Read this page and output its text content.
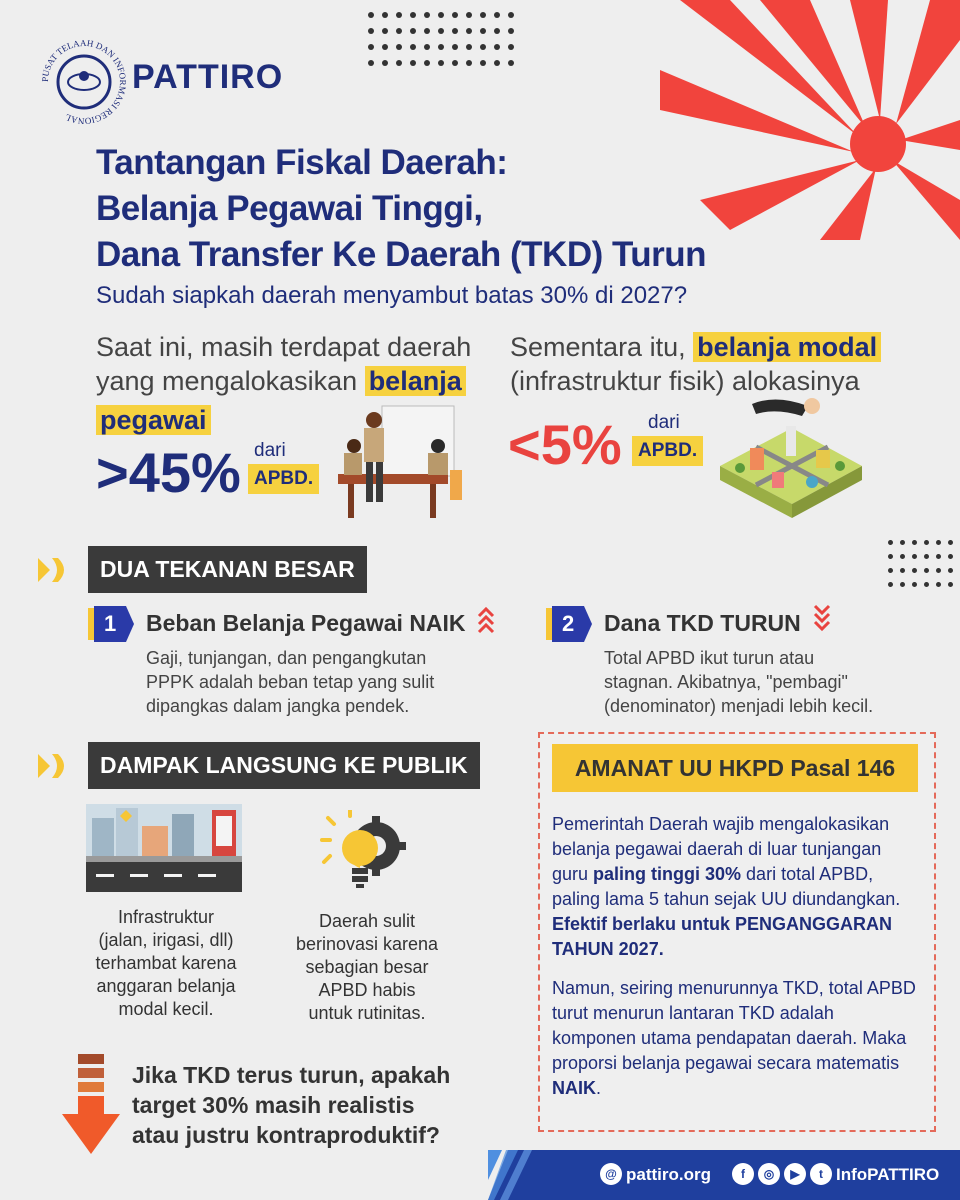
PUSAT TELAAH DAN INFORMASI REGIONAL
PATTIRO
Tantangan Fiskal Daerah:
Belanja Pegawai Tinggi,
Dana Transfer Ke Daerah (TKD) Turun
Sudah siapkah daerah menyambut batas 30% di 2027?
Saat ini, masih terdapat daerah yang mengalokasikan belanja
pegawai
>45% dari
APBD.
Sementara itu, belanja modal
(infrastruktur fisik) alokasinya
<5% dari
APBD.
DUA TEKANAN BESAR
1 Beban Belanja Pegawai NAIK
Gaji, tunjangan, dan pengangkutan
PPPK adalah beban tetap yang sulit
dipangkas dalam jangka pendek.
2 Dana TKD TURUN
Total APBD ikut turun atau
stagnan. Akibatnya, "pembagi"
(denominator) menjadi lebih kecil.
DAMPAK LANGSUNG KE PUBLIK
Infrastruktur
(jalan, irigasi, dll)
terhambat karena
anggaran belanja
modal kecil.
Daerah sulit
berinovasi karena
sebagian besar
APBD habis
untuk rutinitas.
AMANAT UU HKPD Pasal 146

Pemerintah Daerah wajib mengalokasikan belanja pegawai daerah di luar tunjangan guru paling tinggi 30% dari total APBD, paling lama 5 tahun sejak UU diundangkan. Efektif berlaku untuk PENGANGGARAN TAHUN 2027.

Namun, seiring menurunnya TKD, total APBD turut menurun lantaran TKD adalah komponen utama pendapatan daerah. Maka proporsi belanja pegawai secara matematis NAIK.

Jika TKD terus turun, apakah
target 30% masih realistis
atau justru kontraproduktif?
@ pattiro.org	f	◎	▶	t InfoPATTIRO
